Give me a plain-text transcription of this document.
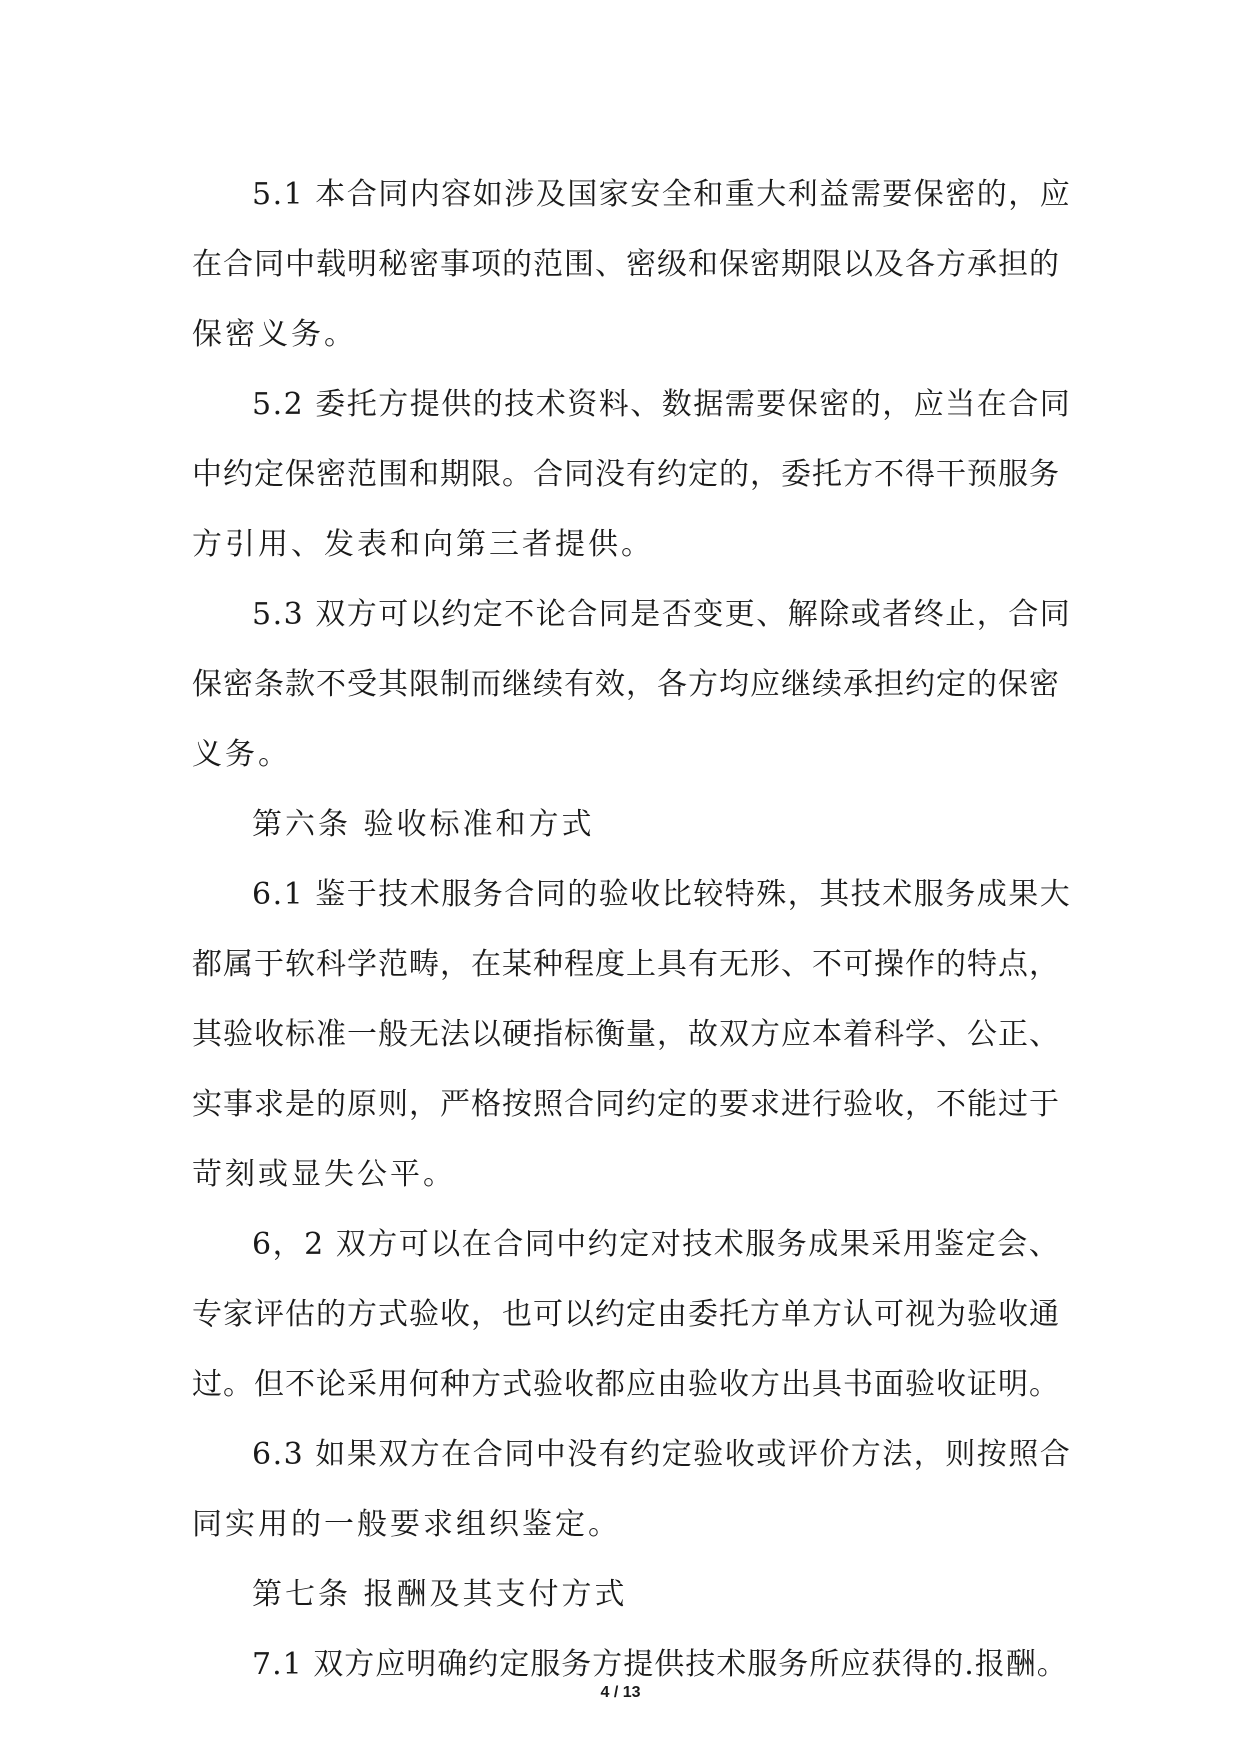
5.1 本合同内容如涉及国家安全和重大利益需要保密的，应
在合同中载明秘密事项的范围、密级和保密期限以及各方承担的
保密义务。
5.2 委托方提供的技术资料、数据需要保密的，应当在合同
中约定保密范围和期限。合同没有约定的，委托方不得干预服务
方引用、发表和向第三者提供。
5.3 双方可以约定不论合同是否变更、解除或者终止，合同
保密条款不受其限制而继续有效，各方均应继续承担约定的保密
义务。
第六条 验收标准和方式
6.1 鉴于技术服务合同的验收比较特殊，其技术服务成果大
都属于软科学范畴，在某种程度上具有无形、不可操作的特点，
其验收标准一般无法以硬指标衡量，故双方应本着科学、公正、
实事求是的原则，严格按照合同约定的要求进行验收，不能过于
苛刻或显失公平。
6，2 双方可以在合同中约定对技术服务成果采用鉴定会、
专家评估的方式验收，也可以约定由委托方单方认可视为验收通
过。但不论采用何种方式验收都应由验收方出具书面验收证明。
6.3 如果双方在合同中没有约定验收或评价方法，则按照合
同实用的一般要求组织鉴定。
第七条 报酬及其支付方式
7.1 双方应明确约定服务方提供技术服务所应获得的.报酬。
4 / 13
